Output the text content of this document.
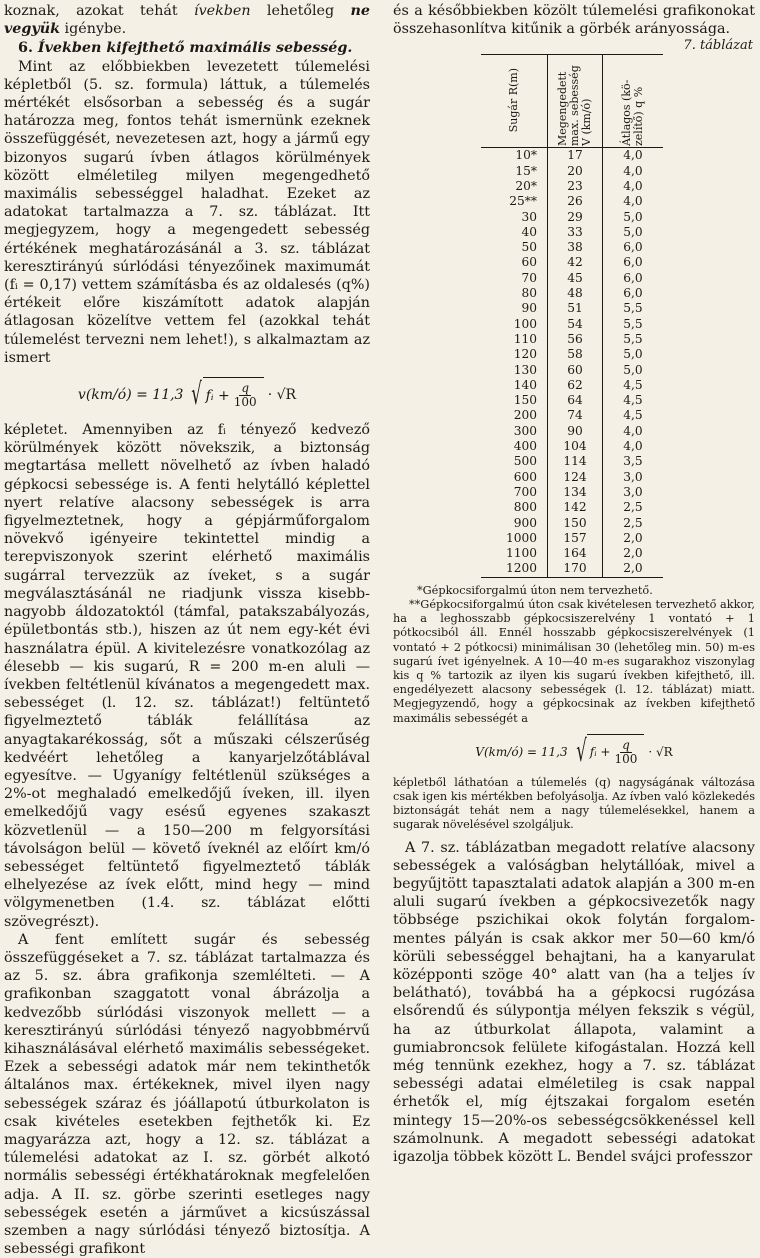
koznak, azokat tehát ívekben lehetőleg ne vegyük igénybe.

6. Ívekben kifejthető maximális sebesség.

Mint az előbbiekben levezetett túlemelési képletből (5. sz. formula) láttuk, a túlemelés mértékét elsősorban a sebesség és a sugár határozza meg, fontos tehát ismernünk ezeknek összefüggését, nevezetesen azt, hogy a jármű egy bizonyos sugarú ívben átlagos körülmények között elméletileg milyen megengedhető maximális sebességgel haladhat. Ezeket az adatokat tartalmazza a 7. sz. táblázat. Itt megjegyzem, hogy a megengedett sebesség értékének meghatározásánál a 3. sz. táblázat keresztirányú súrlódási tényezőinek maximumát (fᵢ = 0,17) vettem számításba és az oldalesés (q%) értékeit előre kiszámított adatok alapján átlagosan közelítve vettem fel (azokkal tehát túlemelést tervezni nem lehet!), s alkalmaztam az ismert

v(km/ó) = 11,3 √ fᵢ + $\frac{q}{100} \cdot √R$

képletet. Amennyiben az fᵢ tényező kedvező körülmények között növekszik, a biztonság megtartása mellett növelhető az ívben haladó gépkocsi sebessége is. A fenti helytálló képlettel nyert relatíve alacsony sebességek is arra figyelmeztetnek, hogy a gépjárműforgalom növekvő igényeire tekintettel mindig a terepviszonyok szerint elérhető maximális sugárral tervezzük az íveket, s a sugár megválasztásánál ne riadjunk vissza kisebb-nagyobb áldozatoktól (támfal, patakszabályozás, épületbontás stb.), hiszen az út nem egy-két évi használatra épül. A kivitelezésre vonatkozólag az élesebb — kis sugarú, R = 200 m-en aluli — ívekben feltétlenül kívánatos a megengedett max. sebességet (l. 12. sz. táblázat!) feltüntető figyelmeztető táblák felállítása az anyagtakarékosság, sőt a műszaki célszerűség kedvéért lehetőleg a kanyarjelzőtáblával egyesítve. — Ugyanígy feltétlenül szükséges a 2%-ot meghaladó emelkedőjű íveken, ill. ilyen emelkedőjű vagy esésű egyenes szakaszt közvetlenül — a 150—200 m felgyorsítási távolságon belül — követő íveknél az előírt km/ó sebességet feltüntető figyelmeztető táblák elhelyezése az ívek előtt, mind hegy — mind völgymenetben (1.4. sz. táblázat előtti szövegrészt).

A fent említett sugár és sebesség összefüggéseket a 7. sz. táblázat tartalmazza és az 5. sz. ábra grafikonja szemlélteti. — A grafikonban szaggatott vonal ábrázolja a kedvezőbb súrlódási viszonyok mellett — a keresztirányú súrlódási tényező nagyobbmérvű kihasználásával elérhető maximális sebességeket. Ezek a sebességi adatok már nem tekinthetők általános max. értékeknek, mivel ilyen nagy sebességek száraz és jóállapotú útburkolaton is csak kivételes esetekben fejthetők ki. Ez magyarázza azt, hogy a 12. sz. táblázat a túlemelési adatokat az I. sz. görbét alkotó normális sebességi értékhatároknak megfelelően adja. A II. sz. görbe szerinti esetleges nagy sebességek esetén a járművet a kicsúszással szemben a nagy súrlódási tényező biztosítja. A sebességi grafikont

és a későbbiekben közölt túlemelési grafikonokat összehasonlítva kitűnik a görbék arányossága.

7. táblázat
Sugár R(m)	Megengedett max. sebesség V (km/ó)	Átlagos (kö-zelítő) q %
10*	17	4,0
15*	20	4,0
20*	23	4,0
25**	26	4,0
30	29	5,0
40	33	5,0
50	38	6,0
60	42	6,0
70	45	6,0
80	48	6,0
90	51	5,5
100	54	5,5
110	56	5,5
120	58	5,0
130	60	5,0
140	62	4,5
150	64	4,5
200	74	4,5
300	90	4,0
400	104	4,0
500	114	3,5
600	124	3,0
700	134	3,0
800	142	2,5
900	150	2,5
1000	157	2,0
1100	164	2,0
1200	170	2,0

*Gépkocsiforgalmú úton nem tervezhető.

**Gépkocsiforgalmú úton csak kivételesen tervezhető akkor, ha a leghosszabb gépkocsiszerelvény 1 vontató + 1 pótkocsiból áll. Ennél hosszabb gépkocsiszerelvények (1 vontató + 2 pótkocsi) minimálisan 30 (lehetőleg min. 50) m-es sugarú ívet igényelnek. A 10—40 m-es sugarakhoz viszonylag kis q % tartozik az ilyen kis sugarú ívekben kifejthető, ill. engedélyezett alacsony sebességek (l. 12. táblázat) miatt. Megjegyzendő, hogy a gépkocsinak az ívekben kifejthető maximális sebességét a

V(km/ó) = 11,3 √ fᵢ + $\frac{q}{100} \cdot √R$

képletből láthatóan a túlemelés (q) nagyságának változása csak igen kis mértékben befolyásolja. Az ívben való közlekedés biztonságát tehát nem a nagy túlemelésekkel, hanem a sugarak növelésével szolgáljuk.

A 7. sz. táblázatban megadott relatíve alacsony sebességek a valóságban helytállóak, mivel a begyűjtött tapasztalati adatok alapján a 300 m-en aluli sugarú ívekben a gépkocsivezetők nagy többsége pszichikai okok folytán forgalom-mentes pályán is csak akkor mer 50—60 km/ó körüli sebességgel behajtani, ha a kanyarulat középponti szöge 40° alatt van (ha a teljes ív belátható), továbbá ha a gépkocsi rugózása elsőrendű és súlypontja mélyen fekszik s végül, ha az útburkolat állapota, valamint a gumiabroncsok felülete kifogástalan. Hozzá kell még tennünk ezekhez, hogy a 7. sz. táblázat sebességi adatai elméletileg is csak nappal érhetők el, míg éjtszakai forgalom esetén mintegy 15—20%-os sebességcsökkenéssel kell számolnunk. A megadott sebességi adatokat igazolja többek között L. Bendel svájci professzor
